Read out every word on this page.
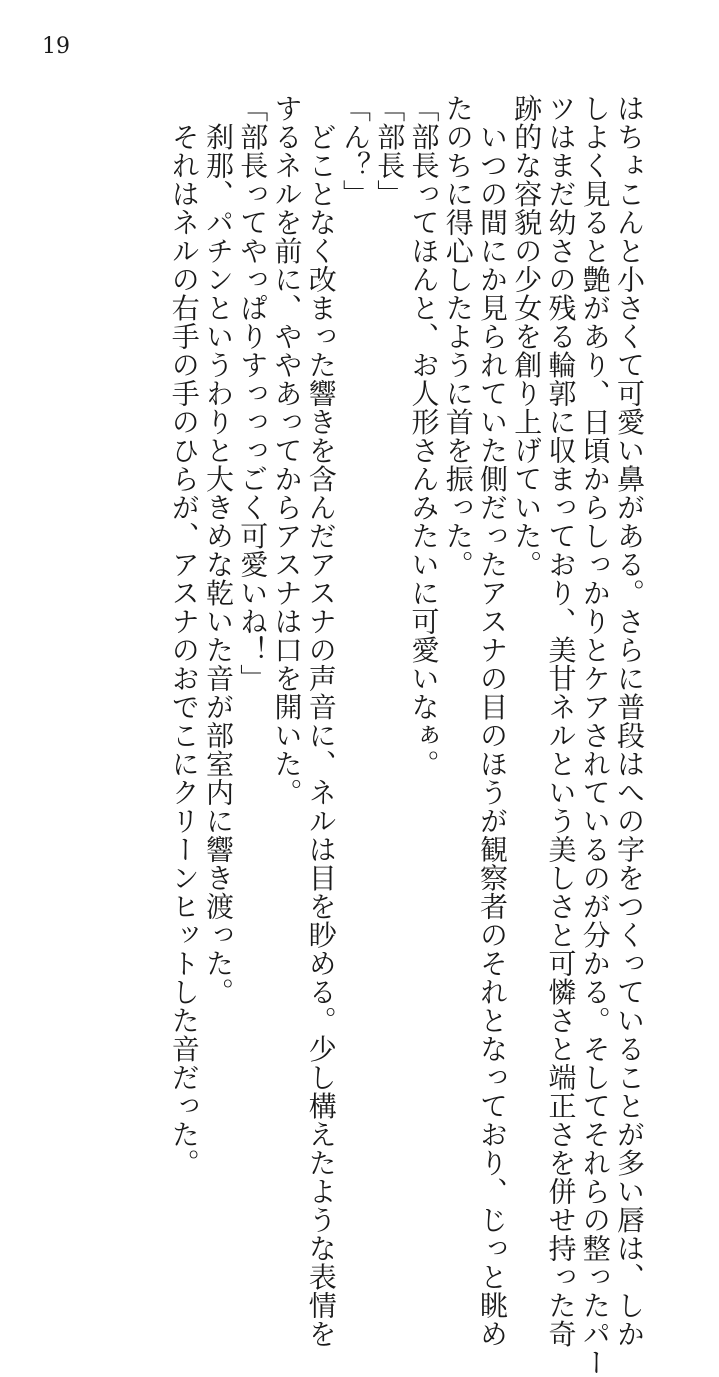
19
はちょこんと小さくて可愛い鼻がある。さらに普段はへの字をつくっていることが多い唇は、しか
しよく見ると艶があり、日頃からしっかりとケアされているのが分かる。そしてそれらの整ったパー
ツはまだ幼さの残る輪郭に収まっており、美甘ネルという美しさと可憐さと端正さを併せ持った奇
跡的な容貌の少女を創り上げていた。
　いつの間にか見られていた側だったアスナの目のほうが観察者のそれとなっており、じっと眺め
たのちに得心したように首を振った。
「部長ってほんと、お人形さんみたいに可愛いなぁ。
「部長」
「ん？」
　どことなく改まった響きを含んだアスナの声音に、ネルは目を眇める。少し構えたような表情を
するネルを前に、ややあってからアスナは口を開いた。
「部長ってやっぱりすっっっごく可愛いね！」
　刹那、パチンというわりと大きめな乾いた音が部室内に響き渡った。
　それはネルの右手の手のひらが、アスナのおでこにクリーンヒットした音だった。
